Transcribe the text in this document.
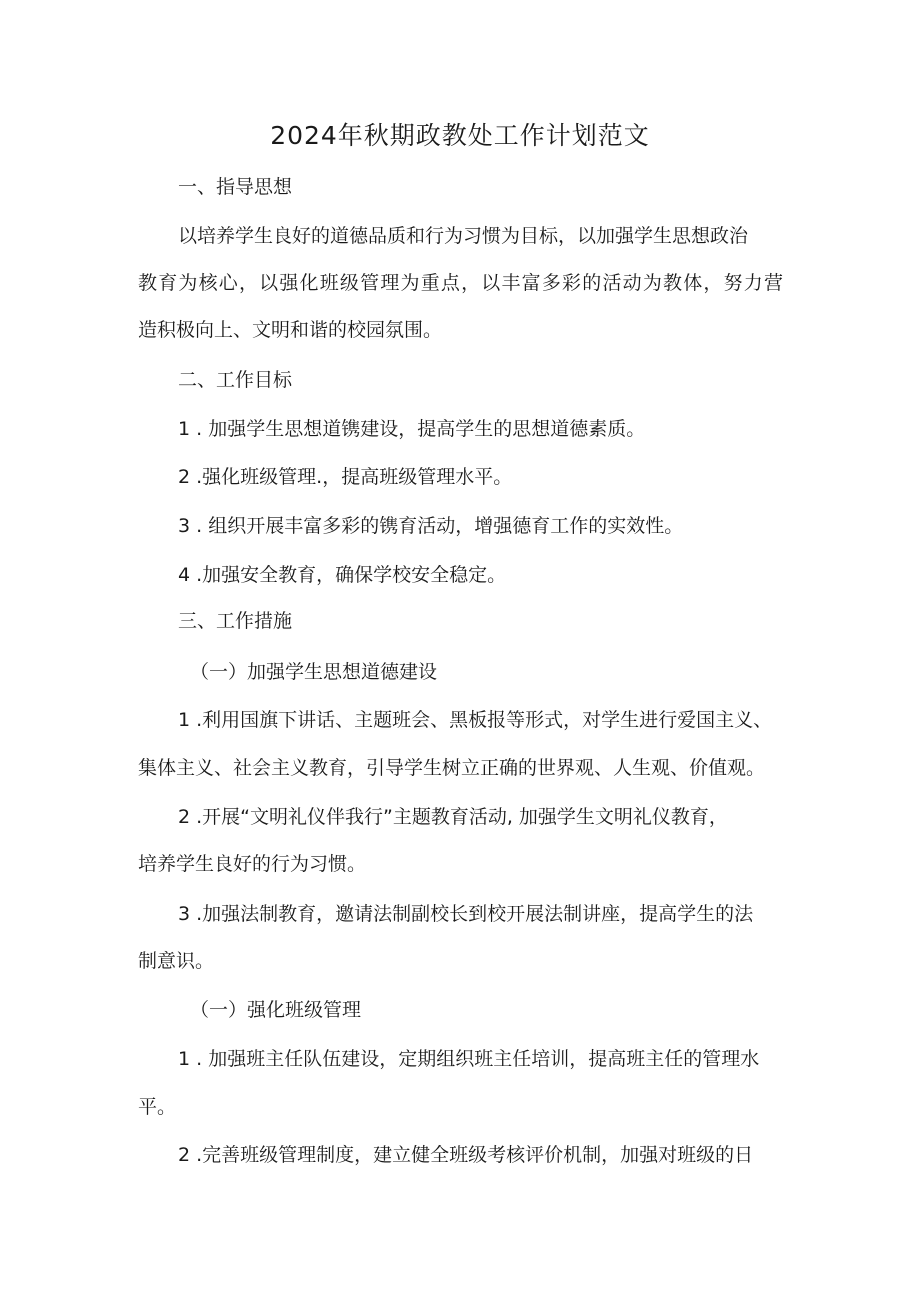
2024年秋期政教处工作计划范文
一、指导思想
以培养学生良好的道德品质和行为习惯为目标，以加强学生思想政治
教育为核心，以强化班级管理为重点，以丰富多彩的活动为教体，努力营
造积极向上、文明和谐的校园氛围。
二、工作目标
1 . 加强学生思想道镌建设，提高学生的思想道德素质。
2 .强化班级管理.，提高班级管理水平。
3 . 组织开展丰富多彩的镌育活动，增强德育工作的实效性。
4 .加强安全教育，确保学校安全稳定。
三、工作措施
（一）加强学生思想道德建设
1 .利用国旗下讲话、主题班会、黑板报等形式，对学生进行爱国主义、
集体主义、社会主义教育，引导学生树立正确的世界观、人生观、价值观。
2 .开展“文明礼仪伴我行”主题教育活动, 加强学生文明礼仪教育，
培养学生良好的行为习惯。
3 .加强法制教育，邀请法制副校长到校开展法制讲座，提高学生的法
制意识。
（一）强化班级管理
1 . 加强班主任队伍建设，定期组织班主任培训，提高班主任的管理水
平。
2 .完善班级管理制度，建立健全班级考核评价机制，加强对班级的日
